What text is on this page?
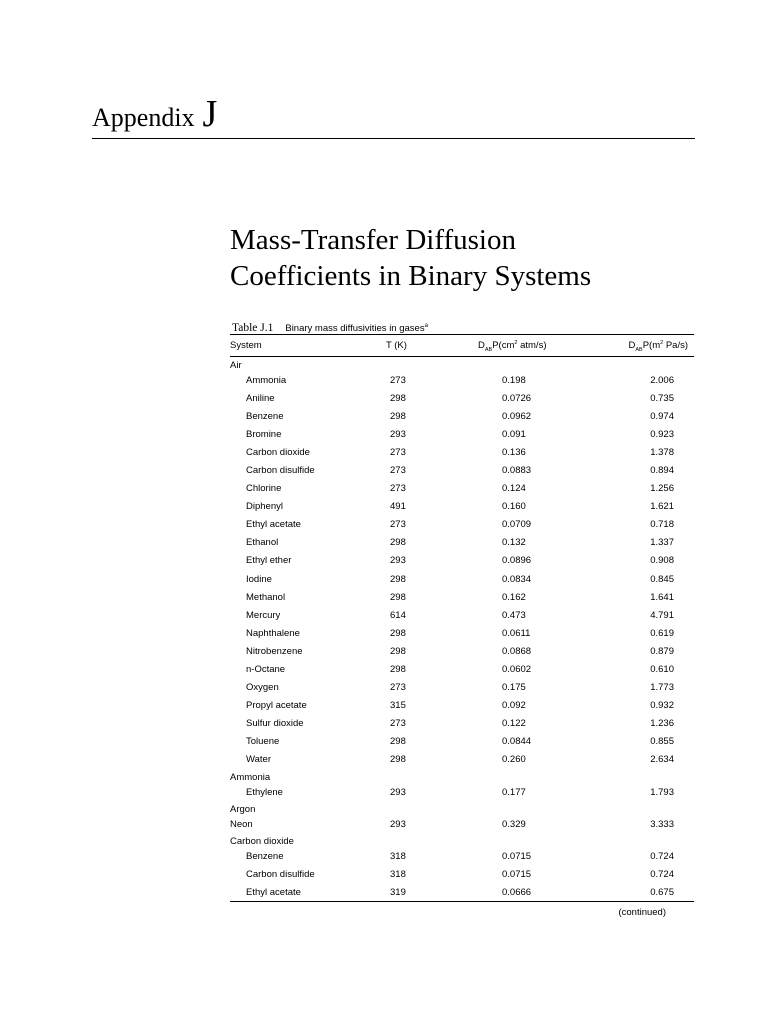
Appendix J
Mass-Transfer Diffusion
Coefficients in Binary Systems
Table J.1 Binary mass diffusivities in gases$^a$
System	T (K)	$D_{AB}P(cm^2$ atm/s)	$D_{AB}P(m^2$ Pa/s)

Air

Ammonia	273	0.198	2.006

Aniline	298	0.0726	0.735

Benzene	298	0.0962	0.974

Bromine	293	0.091	0.923

Carbon dioxide	273	0.136	1.378

Carbon disulfide	273	0.0883	0.894

Chlorine	273	0.124	1.256

Diphenyl	491	0.160	1.621

Ethyl acetate	273	0.0709	0.718

Ethanol	298	0.132	1.337

Ethyl ether	293	0.0896	0.908

Iodine	298	0.0834	0.845

Methanol	298	0.162	1.641

Mercury	614	0.473	4.791

Naphthalene	298	0.0611	0.619

Nitrobenzene	298	0.0868	0.879

n-Octane	298	0.0602	0.610

Oxygen	273	0.175	1.773

Propyl acetate	315	0.092	0.932

Sulfur dioxide	273	0.122	1.236

Toluene	298	0.0844	0.855

Water	298	0.260	2.634

Ammonia

Ethylene	293	0.177	1.793

Argon

Neon	293	0.329	3.333

Carbon dioxide

Benzene	318	0.0715	0.724

Carbon disulfide	318	0.0715	0.724

Ethyl acetate	319	0.0666	0.675
(continued)
